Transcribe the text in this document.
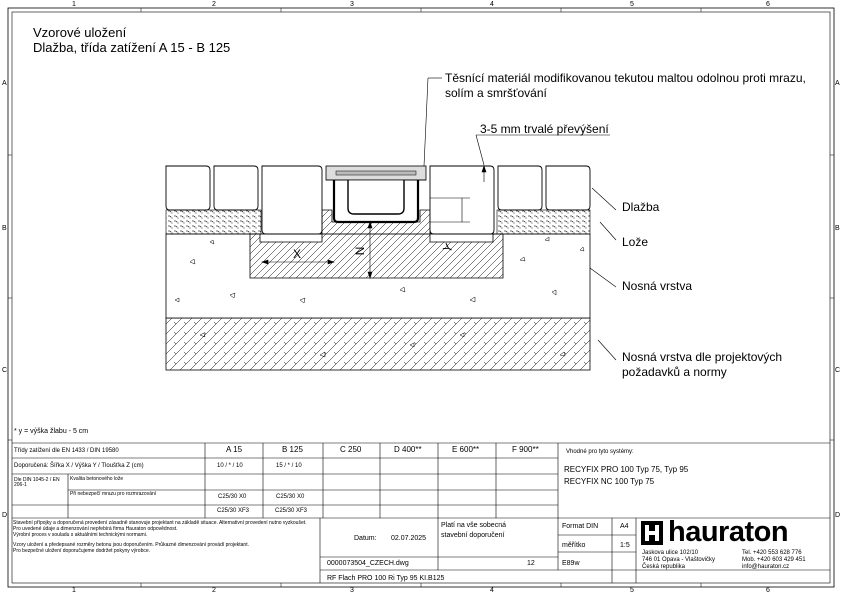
1	2	3	4	5	6
1	2	3	4	5	6
A
B
C
D
A
B
C
D
Vzorové uložení
Dlažba, třída zatížení A 15 - B 125
Těsnící materiál modifikovanou tekutou maltou odolnou proti mrazu,
solím a smršťování
3-5 mm trvalé převýšení
Dlažba
Lože
Nosná vrstva
Nosná vrstva dle projektových
požadavků a normy
X	N	Y
* y = výška žlabu - 5 cm
Třídy zatížení dle EN 1433 / DIN 19580	A 15	B 125	C 250	D 400**	E 600**	F 900**
Doporučená: Šířka X / Výška Y / Tloušťka Z (cm)	10 / * / 10	15 / * / 10
Dle DIN 1045-2 / EN 206-1
Kvalita betonového lože
C25/30 X0	C25/30 X0
Při nebezpečí mrazu pro rozmrazování
C25/30 XF3	C25/30 XF3
Vhodné pro tyto systémy:
RECYFIX PRO 100 Typ 75, Typ 95
RECYFIX NC 100 Typ 75
Stavební přípojky a doporučená provedení zásadně stanovuje projektant na základě situace. Alternativní provedení nutno vyzkoušet.
Pro uvedené údaje a dimenzování nepřebírá firma Hauraton odpovědnost.
Výrobní proces v souladu s aktuálními technickými normami.
Vzory uložení a předepsané rozměry betonu jsou doporučením. Průkazné dimenzování provádí projektant.
Pro bezpečné uložení doporučujeme dodržet pokyny výrobce.
Datum: 02.07.2025
Platí na vše sobecná
stavební doporučení
Format DIN	A4
měřítko	1:5
0000073504_CZECH.dwg	12	E89w
RF Flach PRO 100 Ri Typ 95 KI.B125
hauraton
Jaskova ulice 102/10
746 01 Opava - Vlaštovičky
Česká republika
Tel. +420 553 628 776
Mob. +420 603 429 451
info@hauraton.cz
